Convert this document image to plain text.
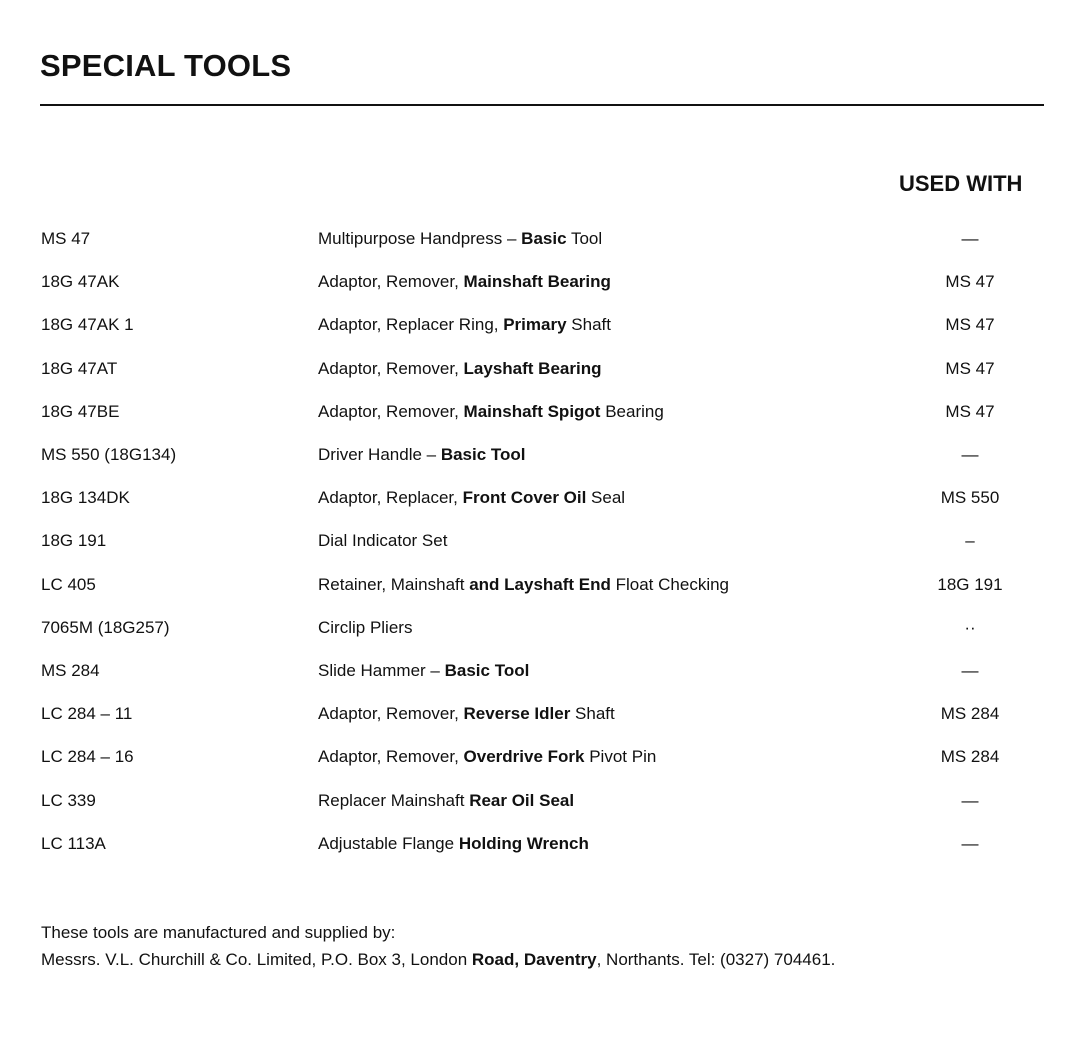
SPECIAL TOOLS
USED WITH
MS 47	Multipurpose Handpress – Basic Tool	—
18G 47AK	Adaptor, Remover, Mainshaft Bearing	MS 47
18G 47AK 1	Adaptor, Replacer Ring, Primary Shaft	MS 47
18G 47AT	Adaptor, Remover, Layshaft Bearing	MS 47
18G 47BE	Adaptor, Remover, Mainshaft Spigot Bearing	MS 47
MS 550 (18G134)	Driver Handle – Basic Tool	—
18G 134DK	Adaptor, Replacer, Front Cover Oil Seal	MS 550
18G 191	Dial Indicator Set	–
LC 405	Retainer, Mainshaft and Layshaft End Float Checking	18G 191
7065M (18G257)	Circlip Pliers	··
MS 284	Slide Hammer – Basic Tool	—
LC 284 – 11	Adaptor, Remover, Reverse Idler Shaft	MS 284
LC 284 – 16	Adaptor, Remover, Overdrive Fork Pivot Pin	MS 284
LC 339	Replacer Mainshaft Rear Oil Seal	—
LC 113A	Adjustable Flange Holding Wrench	—
These tools are manufactured and supplied by:
Messrs. V.L. Churchill & Co. Limited, P.O. Box 3, London Road, Daventry, Northants. Tel: (0327) 704461.
